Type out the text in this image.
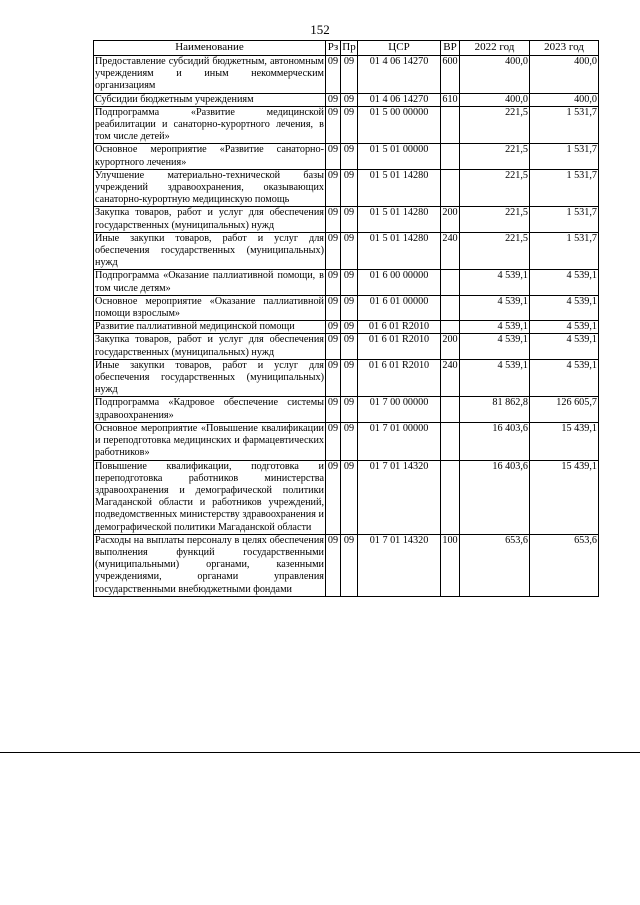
152
Наименование	Рз	Пр	ЦСР	ВР	2022 год	2023 год
Предоставление субсидий бюджетным, автономным учреждениям и иным некоммерческим организациям	09	09	01 4 06 14270	600	400,0	400,0
Субсидии бюджетным учреждениям	09	09	01 4 06 14270	610	400,0	400,0
Подпрограмма «Развитие медицинской реабилитации и санаторно-курортного лечения, в том числе детей»	09	09	01 5 00 00000		221,5	1 531,7
Основное мероприятие «Развитие санаторно-курортного лечения»	09	09	01 5 01 00000		221,5	1 531,7
Улучшение материально-технической базы учреждений здравоохранения, оказывающих санаторно-курортную медицинскую помощь	09	09	01 5 01 14280		221,5	1 531,7
Закупка товаров, работ и услуг для обеспечения государственных (муниципальных) нужд	09	09	01 5 01 14280	200	221,5	1 531,7
Иные закупки товаров, работ и услуг для обеспечения государственных (муниципальных) нужд	09	09	01 5 01 14280	240	221,5	1 531,7
Подпрограмма «Оказание паллиативной помощи, в том числе детям»	09	09	01 6 00 00000		4 539,1	4 539,1
Основное мероприятие «Оказание паллиативной помощи взрослым»	09	09	01 6 01 00000		4 539,1	4 539,1
Развитие паллиативной медицинской помощи	09	09	01 6 01 R2010		4 539,1	4 539,1
Закупка товаров, работ и услуг для обеспечения государственных (муниципальных) нужд	09	09	01 6 01 R2010	200	4 539,1	4 539,1
Иные закупки товаров, работ и услуг для обеспечения государственных (муниципальных) нужд	09	09	01 6 01 R2010	240	4 539,1	4 539,1
Подпрограмма «Кадровое обеспечение системы здравоохранения»	09	09	01 7 00 00000		81 862,8	126 605,7
Основное мероприятие «Повышение квалификации и переподготовка медицинских и фармацевтических работников»	09	09	01 7 01 00000		16 403,6	15 439,1
Повышение квалификации, подготовка и переподготовка работников министерства здравоохранения и демографической политики Магаданской области и работников учреждений, подведомственных министерству здравоохранения и демографической политики Магаданской области	09	09	01 7 01 14320		16 403,6	15 439,1
Расходы на выплаты персоналу в целях обеспечения выполнения функций государственными (муниципальными) органами, казенными учреждениями, органами управления государственными внебюджетными фондами	09	09	01 7 01 14320	100	653,6	653,6
